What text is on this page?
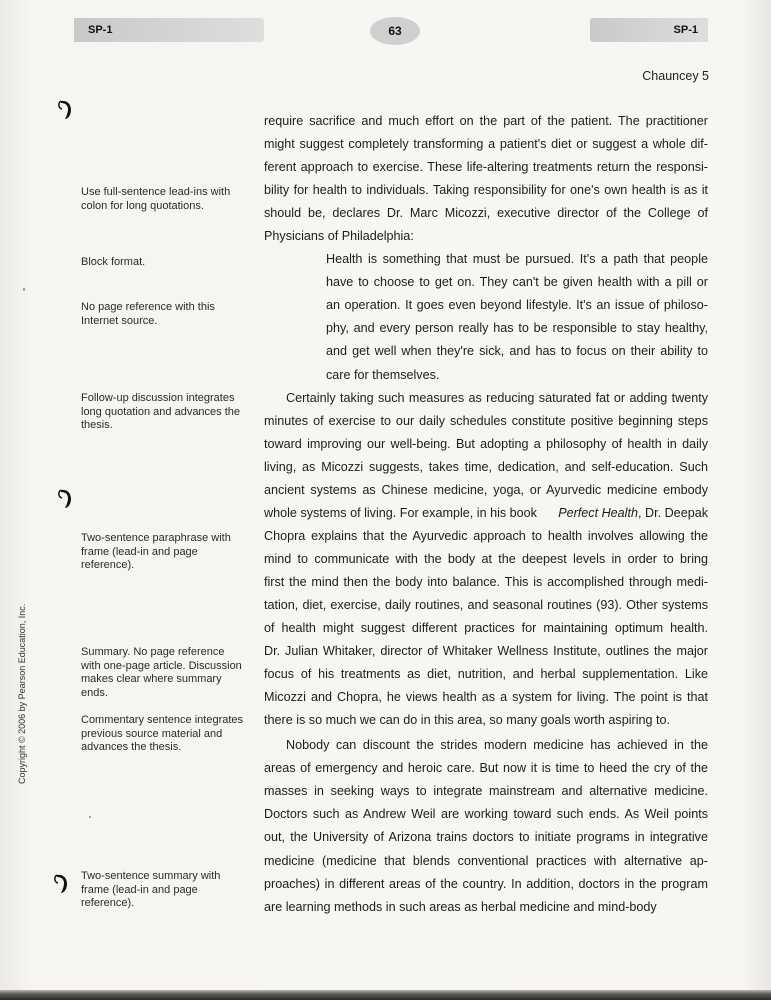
SP-1	63	SP-1
Chauncey 5
Use full-sentence lead-ins with colon for long quotations.
Block format.
No page reference with this Internet source.
Follow-up discussion integrates long quotation and advances the thesis.
Two-sentence paraphrase with frame (lead-in and page reference).
Summary. No page reference with one-page article. Discussion makes clear where summary ends.
Commentary sentence integrates previous source material and advances the thesis.
Two-sentence summary with frame (lead-in and page reference).
Copyright © 2006 by Pearson Education, Inc.

require sacrifice and much effort on the part of the patient. The practitioner
might suggest completely transforming a patient's diet or suggest a whole dif-
ferent approach to exercise. These life-altering treatments return the responsi-
bility for health to individuals. Taking responsibility for one's own health is as it
should be, declares Dr. Marc Micozzi, executive director of the College of
Physicians of Philadelphia:

Health is something that must be pursued. It's a path that people
have to choose to get on. They can't be given health with a pill or
an operation. It goes even beyond lifestyle. It's an issue of philoso-
phy, and every person really has to be responsible to stay healthy,
and get well when they're sick, and has to focus on their ability to
care for themselves.

Certainly taking such measures as reducing saturated fat or adding twenty
minutes of exercise to our daily schedules constitute positive beginning steps
toward improving our well-being. But adopting a philosophy of health in daily
living, as Micozzi suggests, takes time, dedication, and self-education. Such
ancient systems as Chinese medicine, yoga, or Ayurvedic medicine embody
whole systems of living. For example, in his book Perfect Health, Dr. Deepak
Chopra explains that the Ayurvedic approach to health involves allowing the
mind to communicate with the body at the deepest levels in order to bring
first the mind then the body into balance. This is accomplished through medi-
tation, diet, exercise, daily routines, and seasonal routines (93). Other systems
of health might suggest different practices for maintaining optimum health.
Dr. Julian Whitaker, director of Whitaker Wellness Institute, outlines the major
focus of his treatments as diet, nutrition, and herbal supplementation. Like
Micozzi and Chopra, he views health as a system for living. The point is that
there is so much we can do in this area, so many goals worth aspiring to.

Nobody can discount the strides modern medicine has achieved in the
areas of emergency and heroic care. But now it is time to heed the cry of the
masses in seeking ways to integrate mainstream and alternative medicine.
Doctors such as Andrew Weil are working toward such ends. As Weil points
out, the University of Arizona trains doctors to initiate programs in integrative
medicine (medicine that blends conventional practices with alternative ap-
proaches) in different areas of the country. In addition, doctors in the program
are learning methods in such areas as herbal medicine and mind-body
